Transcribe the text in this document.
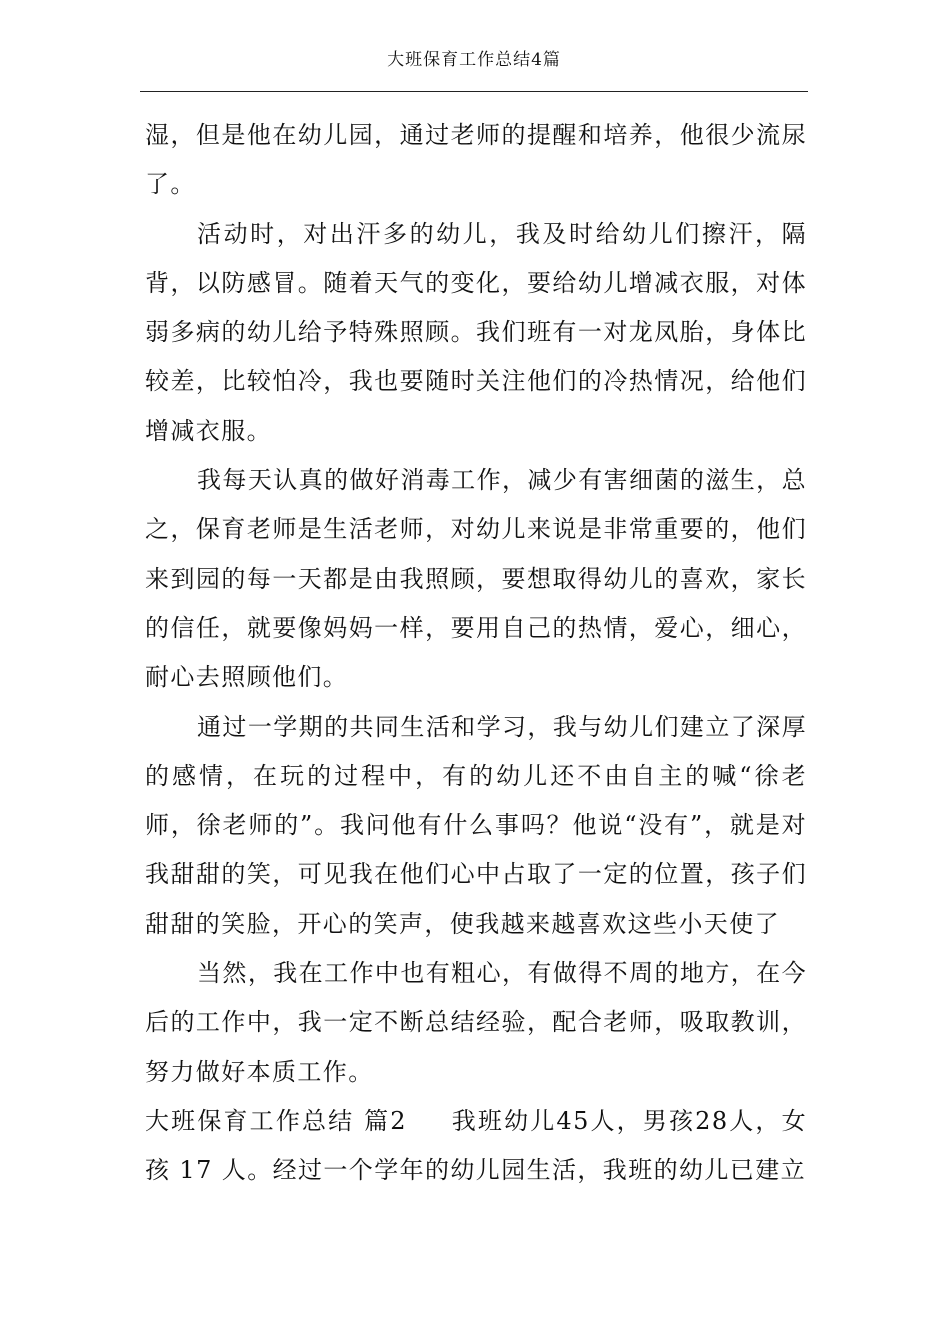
大班保育工作总结4篇

湿，但是他在幼儿园，通过老师的提醒和培养，他很少流尿了。

活动时，对出汗多的幼儿，我及时给幼儿们擦汗，隔背，以防感冒。随着天气的变化，要给幼儿增减衣服，对体弱多病的幼儿给予特殊照顾。我们班有一对龙凤胎，身体比较差，比较怕冷，我也要随时关注他们的冷热情况，给他们增减衣服。

我每天认真的做好消毒工作，减少有害细菌的滋生，总之，保育老师是生活老师，对幼儿来说是非常重要的，他们来到园的每一天都是由我照顾，要想取得幼儿的喜欢，家长的信任，就要像妈妈一样，要用自己的热情，爱心，细心，耐心去照顾他们。

通过一学期的共同生活和学习，我与幼儿们建立了深厚的感情，在玩的过程中，有的幼儿还不由自主的喊“徐老师，徐老师的”。我问他有什么事吗？他说“没有”，就是对我甜甜的笑，可见我在他们心中占取了一定的位置，孩子们甜甜的笑脸，开心的笑声，使我越来越喜欢这些小天使了

当然，我在工作中也有粗心，有做得不周的地方，在今后的工作中，我一定不断总结经验，配合老师，吸取教训，努力做好本质工作。

大班保育工作总结 篇2 我班幼儿45人，男孩28人，女孩 17 人。经过一个学年的幼儿园生活，我班的幼儿已建立
